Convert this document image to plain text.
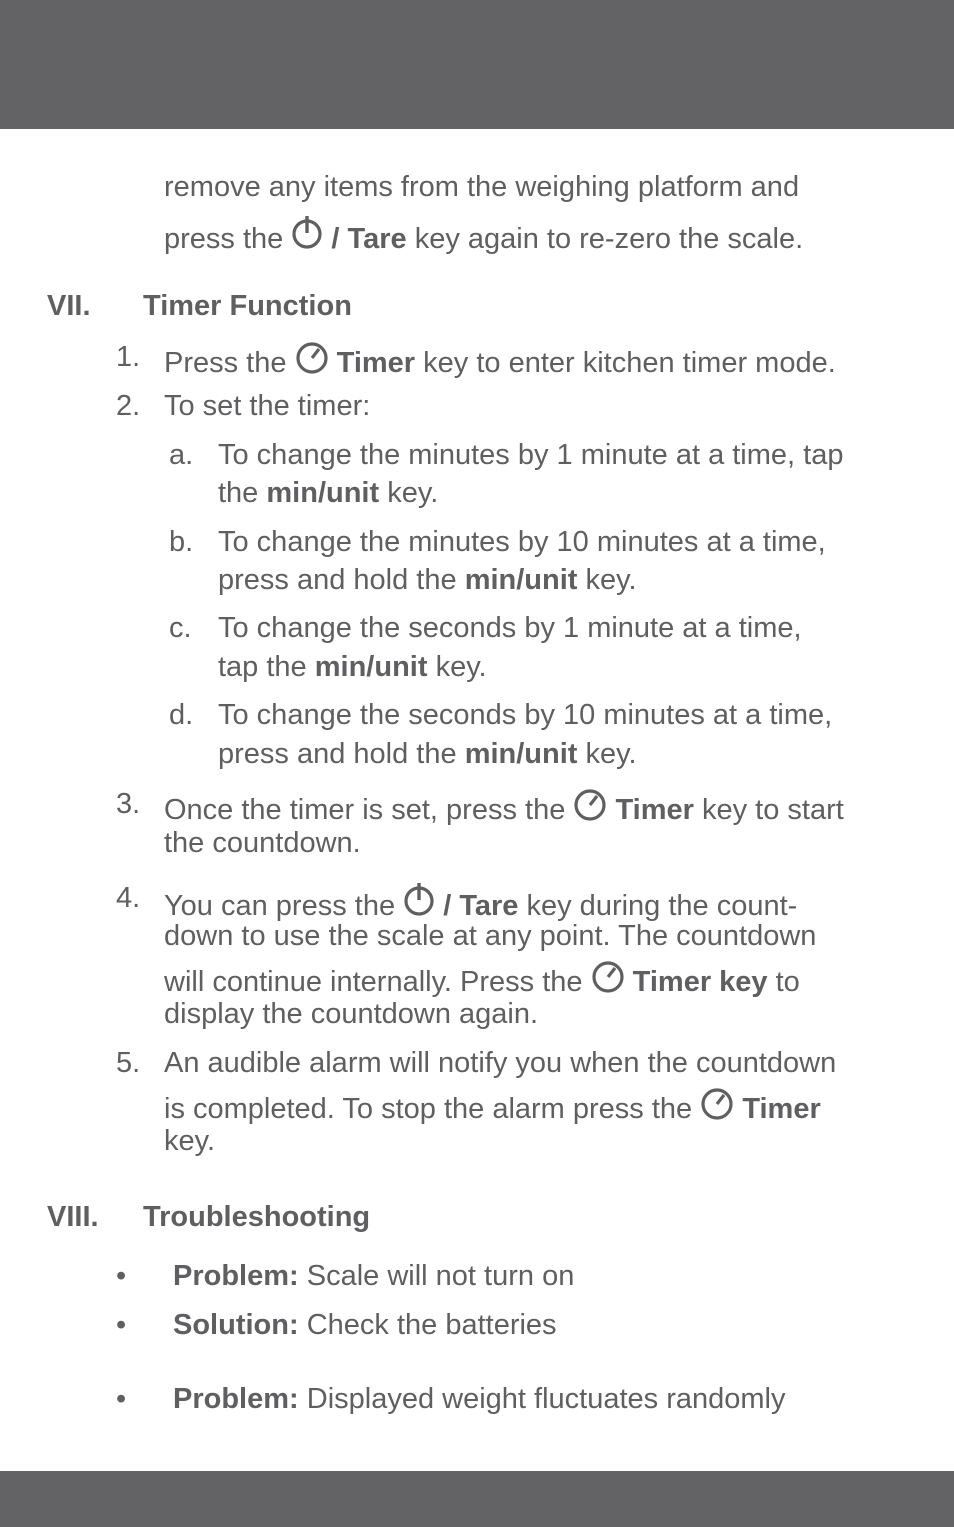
remove any items from the weighing platform and
press the / Tare key again to re-zero the scale.
VII. Timer Function
1. Press the Timer key to enter kitchen timer mode.
2. To set the timer:
a. To change the minutes by 1 minute at a time, tap
the min/unit key.
b. To change the minutes by 10 minutes at a time,
press and hold the min/unit key.
c. To change the seconds by 1 minute at a time,
tap the min/unit key.
d. To change the seconds by 10 minutes at a time,
press and hold the min/unit key.
3. Once the timer is set, press the Timer key to start
the countdown.
4. You can press the / Tare key during the count-
down to use the scale at any point. The countdown
will continue internally. Press the Timer key to
display the countdown again.
5. An audible alarm will notify you when the countdown
is completed. To stop the alarm press the Timer
key.
VIII. Troubleshooting
• Problem: Scale will not turn on
• Solution: Check the batteries
• Problem: Displayed weight fluctuates randomly
